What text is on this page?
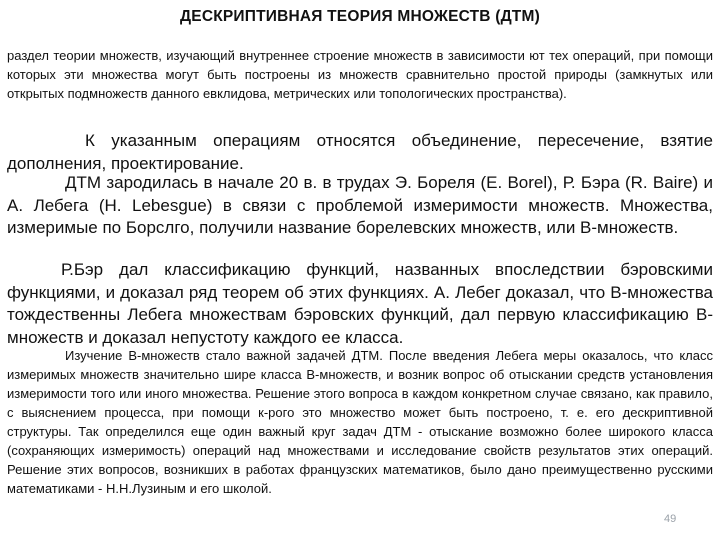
ДЕСКРИПТИВНАЯ ТЕОРИЯ МНОЖЕСТВ (ДТМ)

раздел теории множеств, изучающий внутреннее строение множеств в зависимости ют тех операций, при помощи которых эти множества могут быть построены из множеств сравнительно простой природы (замкнутых или открытых подмножеств данного евклидова, метрических или топологических пространства).

К указанным операциям относятся объединение, пересечение, взятие дополнения, проектирование.

ДТМ зародилась в начале 20 в. в трудах Э. Бореля (Е. Borel), Р. Бэра (R. Baire) и А. Лебега (Н. Lebesgue) в связи с проблемой измеримости множеств. Множества, измеримые по Борслго, получили название борелевских множеств, или В-множеств.

Р.Бэр дал классификацию функций, названных впоследствии бэровскими функциями, и доказал ряд теорем об этих функциях. А. Лебег доказал, что В-множества тождественны Лебега множествам бэровских функций, дал первую классификацию В-множеств и доказал непустоту каждого ее класса.

Изучение В-множеств стало важной задачей ДТМ. После введения Лебега меры оказалось, что класс измеримых множеств значительно шире класса В-множеств, и возник вопрос об отыскании средств установления измеримости того или иного множества. Решение этого вопроса в каждом конкретном случае связано, как правило, с выяснением процесса, при помощи к-рого это множество может быть построено, т. е. его дескриптивной структуры. Так определился еще один важный круг задач ДТМ - отыскание возможно более широкого класса (сохраняющих измеримость) операций над множествами и исследование свойств результатов этих операций. Решение этих вопросов, возникших в работах французских математиков, было дано преимущественно русскими математиками - Н.Н.Лузиным и его школой.

49
